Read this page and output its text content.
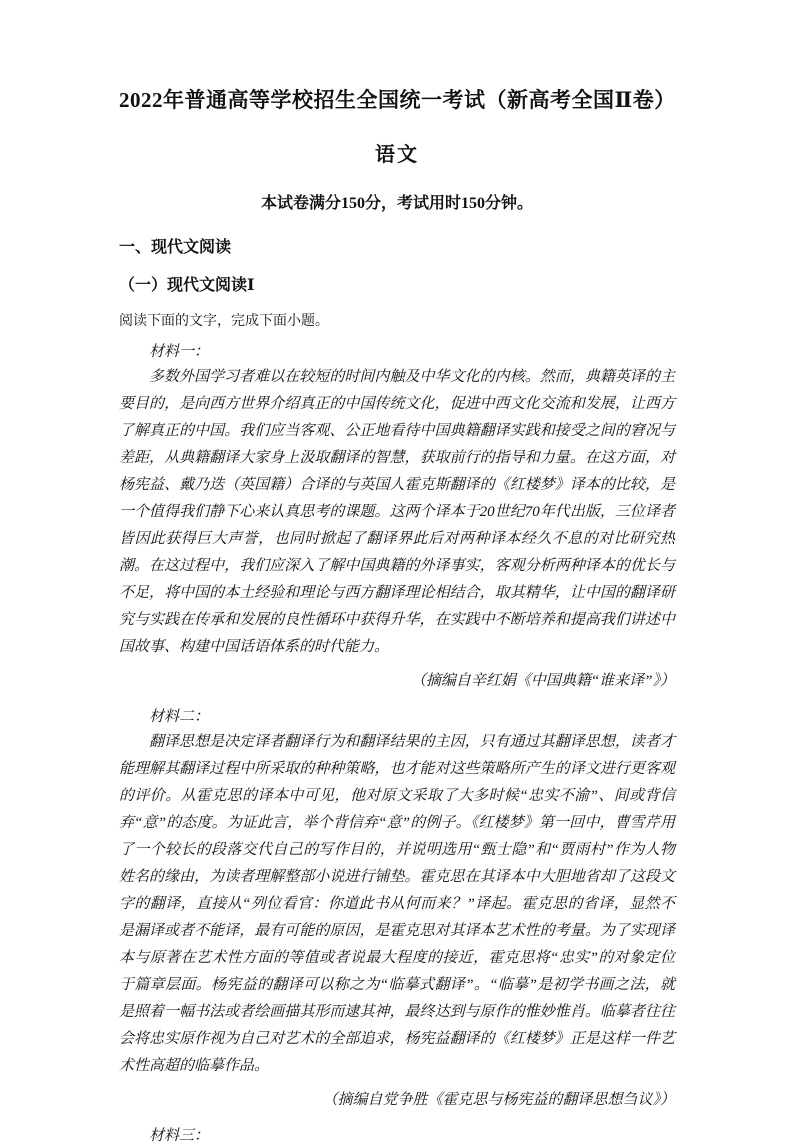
2022年普通高等学校招生全国统一考试（新高考全国Ⅱ卷）
语文

本试卷满分150分，考试用时150分钟。

一、现代文阅读
（一）现代文阅读Ⅰ

阅读下面的文字，完成下面小题。

材料一：

多数外国学习者难以在较短的时间内触及中华文化的内核。然而，典籍英译的主要目的，是向西方世界介绍真正的中国传统文化，促进中西文化交流和发展，让西方了解真正的中国。我们应当客观、公正地看待中国典籍翻译实践和接受之间的窘况与差距，从典籍翻译大家身上汲取翻译的智慧，获取前行的指导和力量。在这方面，对杨宪益、戴乃迭（英国籍）合译的与英国人霍克斯翻译的《红楼梦》译本的比较，是一个值得我们静下心来认真思考的课题。这两个译本于20世纪70年代出版，三位译者皆因此获得巨大声誉，也同时掀起了翻译界此后对两种译本经久不息的对比研究热潮。在这过程中，我们应深入了解中国典籍的外译事实，客观分析两种译本的优长与不足，将中国的本土经验和理论与西方翻译理论相结合，取其精华，让中国的翻译研究与实践在传承和发展的良性循环中获得升华，在实践中不断培养和提高我们讲述中国故事、构建中国话语体系的时代能力。

（摘编自辛红娟《中国典籍“谁来译”》）

材料二：

翻译思想是决定译者翻译行为和翻译结果的主因，只有通过其翻译思想，读者才能理解其翻译过程中所采取的种种策略，也才能对这些策略所产生的译文进行更客观的评价。从霍克思的译本中可见，他对原文采取了大多时候“忠实不渝”、间或背信弃“意”的态度。为证此言，举个背信弃“意”的例子。《红楼梦》第一回中，曹雪芹用了一个较长的段落交代自己的写作目的，并说明选用“甄士隐”和“贾雨村”作为人物姓名的缘由，为读者理解整部小说进行铺垫。霍克思在其译本中大胆地省却了这段文字的翻译，直接从“列位看官：你道此书从何而来？”译起。霍克思的省译，显然不是漏译或者不能译，最有可能的原因，是霍克思对其译本艺术性的考量。为了实现译本与原著在艺术性方面的等值或者说最大程度的接近，霍克思将“忠实”的对象定位于篇章层面。杨宪益的翻译可以称之为“临摹式翻译”。“临摹”是初学书画之法，就是照着一幅书法或者绘画描其形而逮其神，最终达到与原作的惟妙惟肖。临摹者往往会将忠实原作视为自己对艺术的全部追求，杨宪益翻译的《红楼梦》正是这样一件艺术性高超的临摹作品。

（摘编自党争胜《霍克思与杨宪益的翻译思想刍议》）

材料三：
